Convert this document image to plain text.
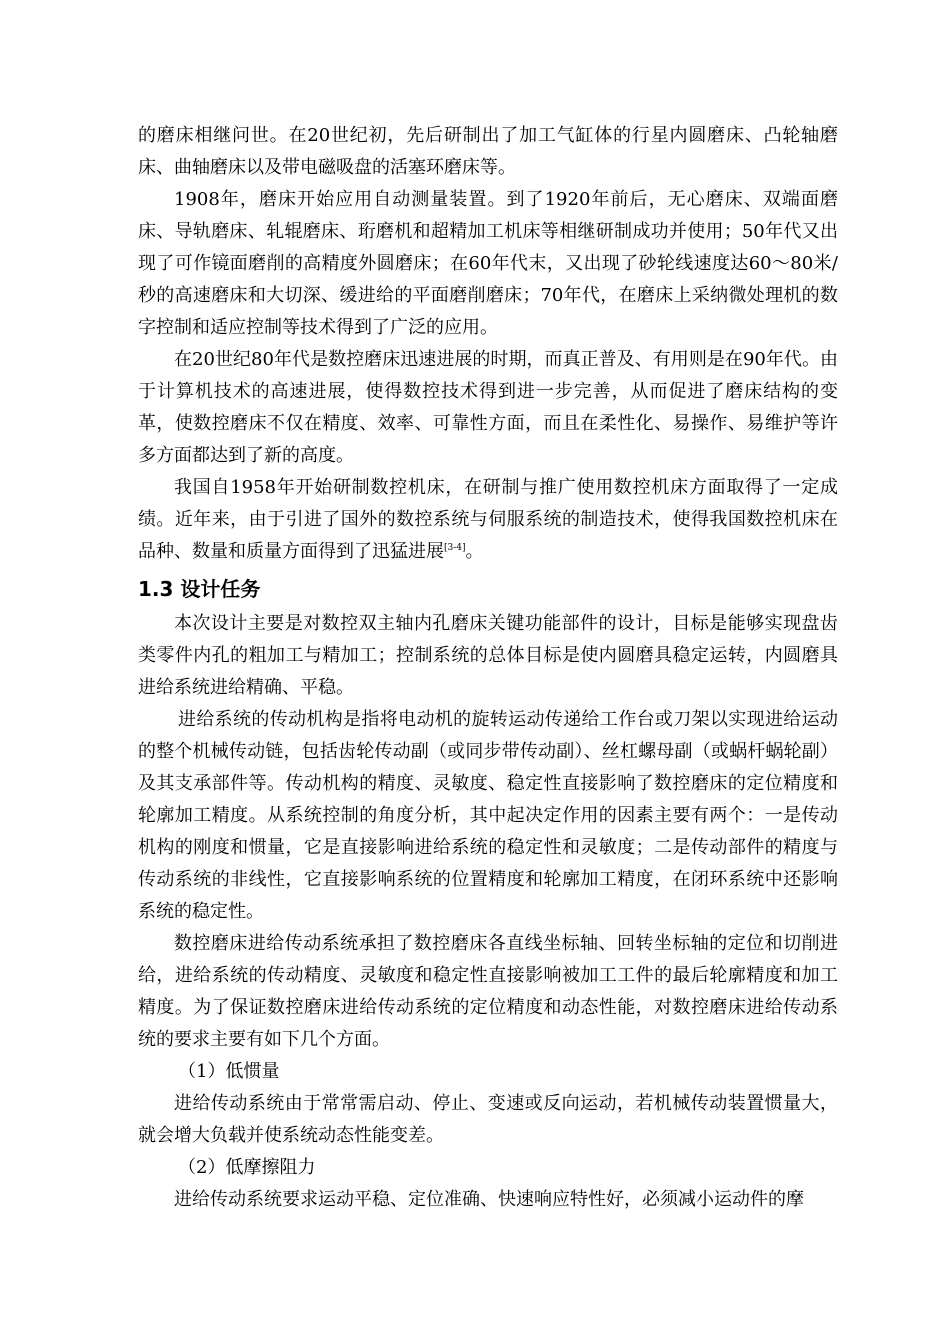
的磨床相继问世。在20世纪初，先后研制出了加工气缸体的行星内圆磨床、凸轮轴磨床、曲轴磨床以及带电磁吸盘的活塞环磨床等。

1908年，磨床开始应用自动测量装置。到了1920年前后，无心磨床、双端面磨床、导轨磨床、轧辊磨床、珩磨机和超精加工机床等相继研制成功并使用；50年代又出现了可作镜面磨削的高精度外圆磨床；在60年代末，又出现了砂轮线速度达60～80米/秒的高速磨床和大切深、缓进给的平面磨削磨床；70年代，在磨床上采纳微处理机的数字控制和适应控制等技术得到了广泛的应用。

在20世纪80年代是数控磨床迅速进展的时期，而真正普及、有用则是在90年代。由于计算机技术的高速进展，使得数控技术得到进一步完善，从而促进了磨床结构的变革，使数控磨床不仅在精度、效率、可靠性方面，而且在柔性化、易操作、易维护等许多方面都达到了新的高度。

我国自1958年开始研制数控机床，在研制与推广使用数控机床方面取得了一定成绩。近年来，由于引进了国外的数控系统与伺服系统的制造技术，使得我国数控机床在品种、数量和质量方面得到了迅猛进展[3-4]。

1.3 设计任务

本次设计主要是对数控双主轴内孔磨床关键功能部件的设计，目标是能够实现盘齿类零件内孔的粗加工与精加工；控制系统的总体目标是使内圆磨具稳定运转，内圆磨具进给系统进给精确、平稳。

进给系统的传动机构是指将电动机的旋转运动传递给工作台或刀架以实现进给运动的整个机械传动链，包括齿轮传动副（或同步带传动副）、丝杠螺母副（或蜗杆蜗轮副）及其支承部件等。传动机构的精度、灵敏度、稳定性直接影响了数控磨床的定位精度和轮廓加工精度。从系统控制的角度分析，其中起决定作用的因素主要有两个：一是传动机构的刚度和惯量，它是直接影响进给系统的稳定性和灵敏度；二是传动部件的精度与传动系统的非线性，它直接影响系统的位置精度和轮廓加工精度，在闭环系统中还影响系统的稳定性。

数控磨床进给传动系统承担了数控磨床各直线坐标轴、回转坐标轴的定位和切削进给，进给系统的传动精度、灵敏度和稳定性直接影响被加工工件的最后轮廓精度和加工精度。为了保证数控磨床进给传动系统的定位精度和动态性能，对数控磨床进给传动系统的要求主要有如下几个方面。

（1）低惯量

进给传动系统由于常常需启动、停止、变速或反向运动，若机械传动装置惯量大，就会增大负载并使系统动态性能变差。

（2）低摩擦阻力

进给传动系统要求运动平稳、定位准确、快速响应特性好，必须减小运动件的摩
